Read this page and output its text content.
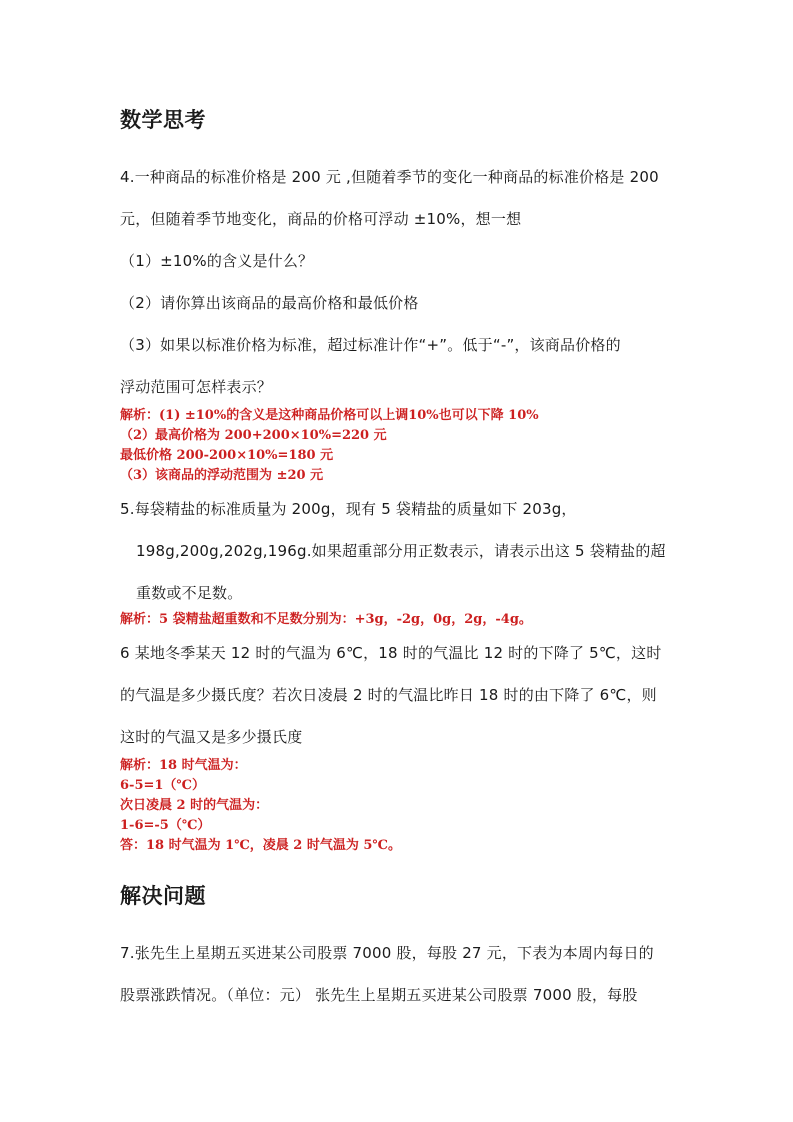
数学思考
4.一种商品的标准价格是 200 元 ,但随着季节的变化一种商品的标准价格是 200
元，但随着季节地变化，商品的价格可浮动 ±10%，想一想
（1）±10%的含义是什么？
（2）请你算出该商品的最高价格和最低价格
（3）如果以标准价格为标准，超过标准计作“+”。低于“-”，该商品价格的
浮动范围可怎样表示？
解析：(1) ±10%的含义是这种商品价格可以上调10%也可以下降 10%
（2）最高价格为 200+200×10%=220 元
最低价格 200-200×10%=180 元
（3）该商品的浮动范围为 ±20 元
5.每袋精盐的标准质量为 200g，现有 5 袋精盐的质量如下 203g，
198g,200g,202g,196g.如果超重部分用正数表示，请表示出这 5 袋精盐的超
重数或不足数。
解析：5 袋精盐超重数和不足数分别为：+3g，-2g，0g，2g，-4g。
6 某地冬季某天 12 时的气温为 6℃，18 时的气温比 12 时的下降了 5℃，这时
的气温是多少摄氏度？若次日凌晨 2 时的气温比昨日 18 时的由下降了 6℃，则
这时的气温又是多少摄氏度
解析：18 时气温为：
6-5=1（℃）
次日凌晨 2 时的气温为：
1-6=-5（℃）
答：18 时气温为 1℃，凌晨 2 时气温为 5℃。
解决问题
7.张先生上星期五买进某公司股票 7000 股，每股 27 元，下表为本周内每日的
股票涨跌情况。（单位：元） 张先生上星期五买进某公司股票 7000 股，每股
